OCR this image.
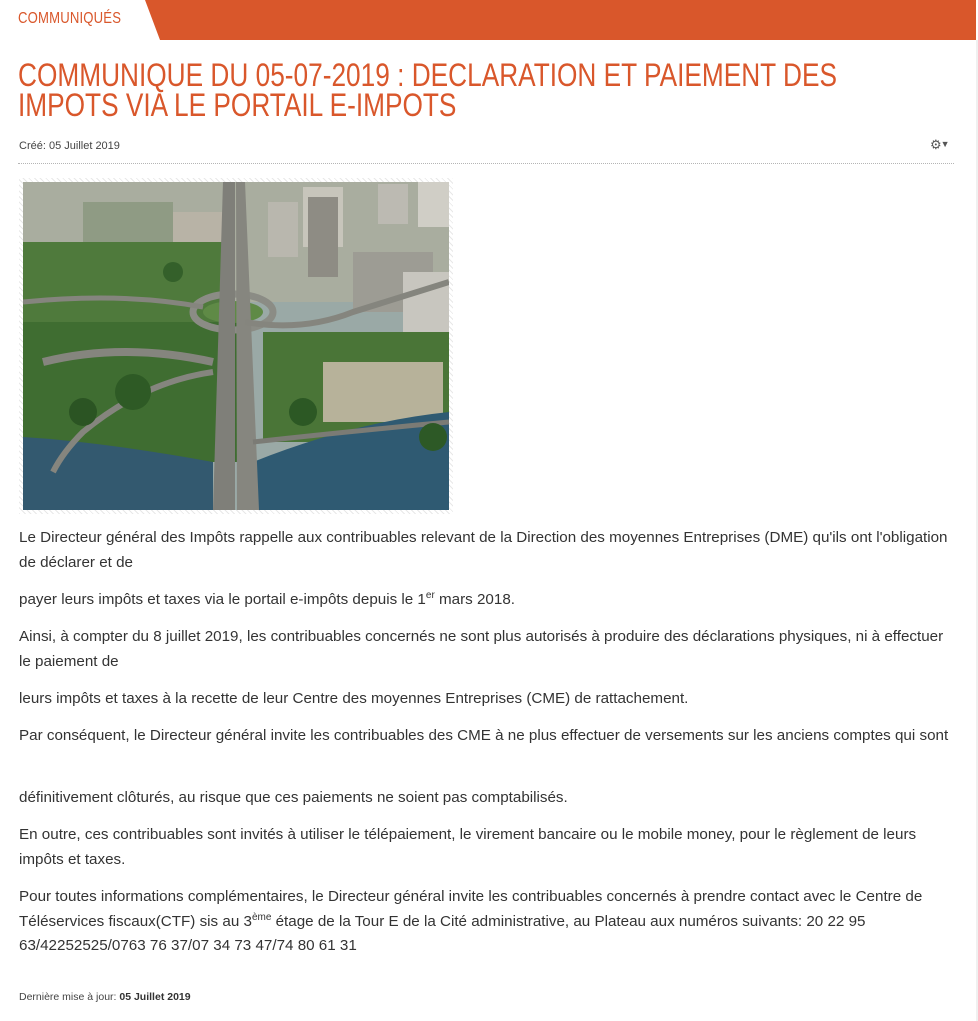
COMMUNIQUÉS
COMMUNIQUE DU 05-07-2019 : DECLARATION ET PAIEMENT DES IMPOTS VIA LE PORTAIL E-IMPOTS
Créé: 05 Juillet 2019	⚙▼

Le Directeur général des Impôts rappelle aux contribuables relevant de la Direction des moyennes Entreprises (DME) qu'ils ont l'obligation de déclarer et de

payer leurs impôts et taxes via le portail e-impôts depuis le 1er mars 2018.

Ainsi, à compter du 8 juillet 2019, les contribuables concernés ne sont plus autorisés à produire des déclarations physiques, ni à effectuer le paiement de

leurs impôts et taxes à la recette de leur Centre des moyennes Entreprises (CME) de rattachement.

Par conséquent, le Directeur général invite les contribuables des CME à ne plus effectuer de versements sur les anciens comptes qui sont

définitivement clôturés, au risque que ces paiements ne soient pas comptabilisés.

En outre, ces contribuables sont invités à utiliser le télépaiement, le virement bancaire ou le mobile money, pour le règlement de leurs impôts et taxes.

Pour toutes informations complémentaires, le Directeur général invite les contribuables concernés à prendre contact avec le Centre de Téléservices fiscaux(CTF) sis au 3ème étage de la Tour E de la Cité administrative, au Plateau aux numéros suivants: 20 22 95 63/42252525/0763 76 37/07 34 73 47/74 80 61 31

Dernière mise à jour: 05 Juillet 2019
